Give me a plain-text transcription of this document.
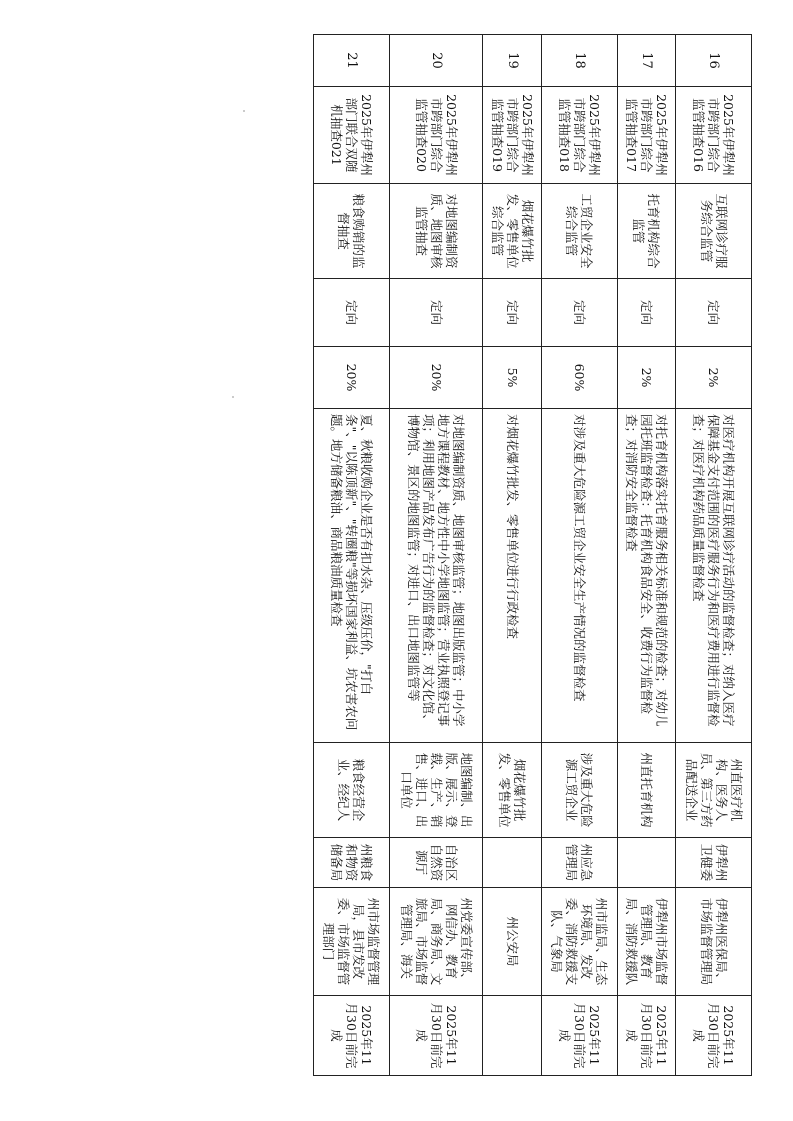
16	2025年伊犁州市跨部门综合监管抽查016	互联网诊疗服务综合监管	定向	2%	对医疗机构开展互联网诊疗活动的监督检查；对纳入医疗保障基金支付范围的医疗服务行为和医疗费用进行监督检查；对医疗机构药品质量监督检查	州直医疗机构、医务人员、第三方药品配送企业	伊犁州卫健委	伊犁州医保局、市场监督管理局	2025年11月30日前完成
17	2025年伊犁州市跨部门综合监管抽查017	托育机构综合监管	定向	2%	对托育机构落实托育服务相关标准和规范的检查；对幼儿园托班监督检查：托育机构食品安全、收费行为监督检查；对消防安全监督检查	州直托育机构		伊犁州市场监督管理局、教育局、消防救援队	2025年11月30日前完成
18	2025年伊犁州市跨部门综合监管抽查018	工贸企业安全综合监管	定向	60%	对涉及重大危险源工贸企业安全生产情况的监督检查	涉及重大危险源工贸企业	州应急管理局	州市监局、生态环境局、发改委、消防救援支队、气象局	2025年11月30日前完成
19	2025年伊犁州市跨部门综合监管抽查019	烟花爆竹批发、零售单位综合监管	定向	5%	对烟花爆竹批发、零售单位进行行政检查	烟花爆竹批发、零售单位		州公安局	
20	2025年伊犁州市跨部门综合监管抽查020	对地图编制资质、地图审核监管抽查	定向	20%	对地图编制资质、地图审核监管；地图出版监管；中小学地方课程教材、地方性中小学地图监管；营业执照登记事项；利用地图产品发布广告行为的监督检查；对文化馆、博物馆、景区的地图监管；对进口、出口地图监管等	地图编制、出版、展示、登载、生产、销售、进口、出口单位	自治区自然资源厅	州党委宣传部、网信办、教育局、商务局、文旅局、市场监督管理局、海关	2025年11月30日前完成
21	2025年伊犁州部门联合双随机抽查021	粮食购销的监督抽查	定向	20%	夏、秋粮收购企业是否有扣水杂、压级压价，"打白条"、"以陈顶新"、"转圈粮"等损坏国家利益、坑农害农问题。地方储备粮油、商品粮油质量检查	粮食经营企业、经纪人	州粮食和物资储备局	州市场监督管理局，县市发改委、市场监督管理部门	2025年11月30日前完成
